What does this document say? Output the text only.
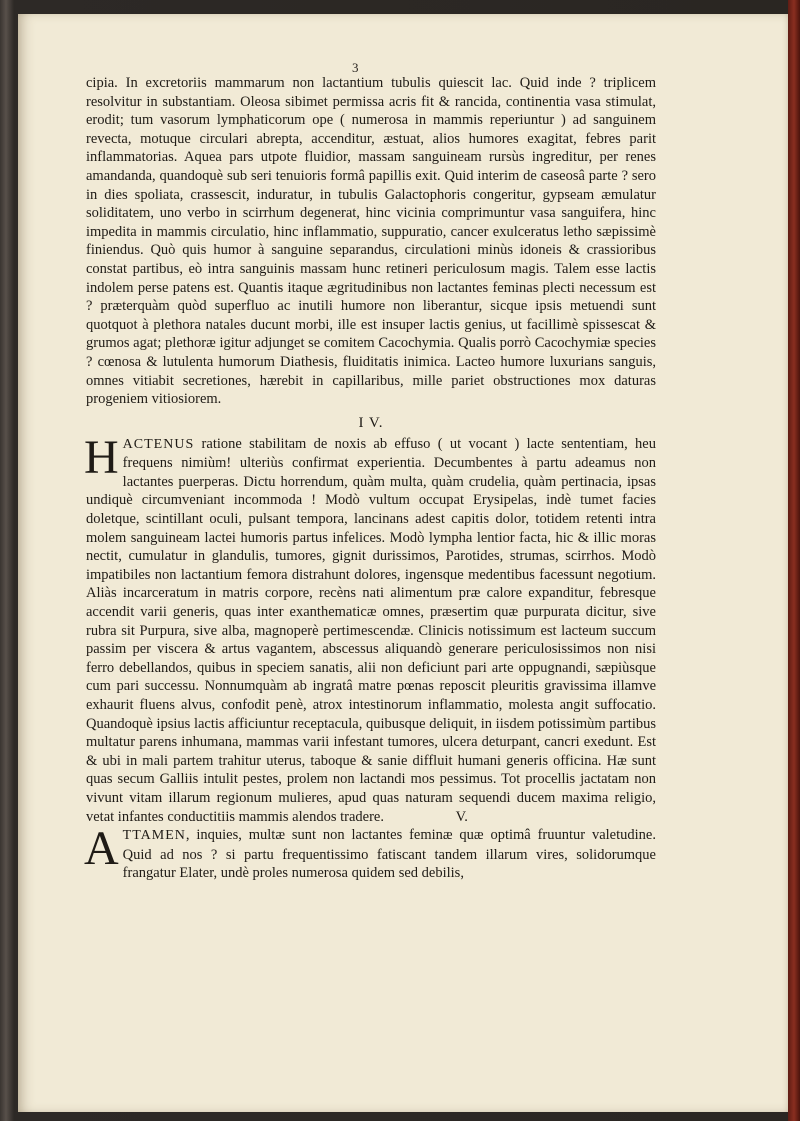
3

cipia. In excretoriis mammarum non lactantium tubulis quiescit lac. Quid inde ? triplicem resolvitur in substantiam. Oleosa sibimet permissa acris fit & rancida, continentia vasa stimulat, erodit; tum vasorum lymphaticorum ope ( numerosa in mammis reperiuntur ) ad sanguinem revecta, motuque circulari abrepta, accenditur, æstuat, alios humores exagitat, febres parit inflammatorias. Aquea pars utpote fluidior, massam sanguineam rursùs ingreditur, per renes amandanda, quandoquè sub seri tenuioris formâ papillis exit. Quid interim de caseosâ parte ? sero in dies spoliata, crassescit, induratur, in tubulis Galactophoris congeritur, gypseam æmulatur soliditatem, uno verbo in scirrhum degenerat, hinc vicinia comprimuntur vasa sanguifera, hinc impedita in mammis circulatio, hinc inflammatio, suppuratio, cancer exulceratus letho sæpissimè finiendus. Quò quis humor à sanguine separandus, circulationi minùs idoneis & crassioribus constat partibus, eò intra sanguinis massam hunc retineri periculosum magis. Talem esse lactis indolem perse patens est. Quantis itaque ægritudinibus non lactantes feminas plecti necessum est ? præterquàm quòd superfluo ac inutili humore non liberantur, sicque ipsis metuendi sunt quotquot à plethora natales ducunt morbi, ille est insuper lactis genius, ut facillimè spissescat & grumos agat; plethoræ igitur adjunget se comitem Cacochymia. Qualis porrò Cacochymiæ species ? cœnosa & lutulenta humorum Diathesis, fluiditatis inimica. Lacteo humore luxurians sanguis, omnes vitiabit secretiones, hærebit in capillaribus, mille pariet obstructiones mox daturas progeniem vitiosiorem.

I V.

H ACTENUS ratione stabilitam de noxis ab effuso ( ut vocant ) lacte sententiam, heu frequens nimiùm! ulteriùs confirmat experientia. Decumbentes à partu adeamus non lactantes puerperas. Dictu horrendum, quàm multa, quàm crudelia, quàm pertinacia, ipsas undiquè circumveniant incommoda ! Modò vultum occupat Erysipelas, indè tumet facies doletque, scintillant oculi, pulsant tempora, lancinans adest capitis dolor, totidem retenti intra molem sanguineam lactei humoris partus infelices. Modò lympha lentior facta, hic & illic moras nectit, cumulatur in glandulis, tumores, gignit durissimos, Parotides, strumas, scirrhos. Modò impatibiles non lactantium femora distrahunt dolores, ingensque medentibus facessunt negotium. Aliàs incarceratum in matris corpore, recèns nati alimentum præ calore expanditur, febresque accendit varii generis, quas inter exanthematicæ omnes, præsertim quæ purpurata dicitur, sive rubra sit Purpura, sive alba, magnoperè pertimescendæ. Clinicis notissimum est lacteum succum passim per viscera & artus vagantem, abscessus aliquandò generare periculosissimos non nisi ferro debellandos, quibus in speciem sanatis, alii non deficiunt pari arte oppugnandi, sæpiùsque cum pari successu. Nonnumquàm ab ingratâ matre pœnas reposcit pleuritis gravissima illamve exhaurit fluens alvus, confodit penè, atrox intestinorum inflammatio, molesta angit suffocatio. Quandoquè ipsius lactis afficiuntur receptacula, quibusque deliquit, in iisdem potissimùm partibus multatur parens inhumana, mammas varii infestant tumores, ulcera deturpant, cancri exedunt. Est & ubi in mali partem trahitur uterus, taboque & sanie diffluit humani generis officina. Hæ sunt quas secum Galliis intulit pestes, prolem non lactandi mos pessimus. Tot procellis jactatam non vivunt vitam illarum regionum mulieres, apud quas naturam sequendi ducem maxima religio, vetat infantes conductitiis mammis alendos tradere.	V.

A TTAMEN, inquies, multæ sunt non lactantes feminæ quæ optimâ fruuntur valetudine. Quid ad nos ? si partu frequentissimo fatiscant tandem illarum vires, solidorumque frangatur Elater, undè proles numerosa quidem sed debilis,
